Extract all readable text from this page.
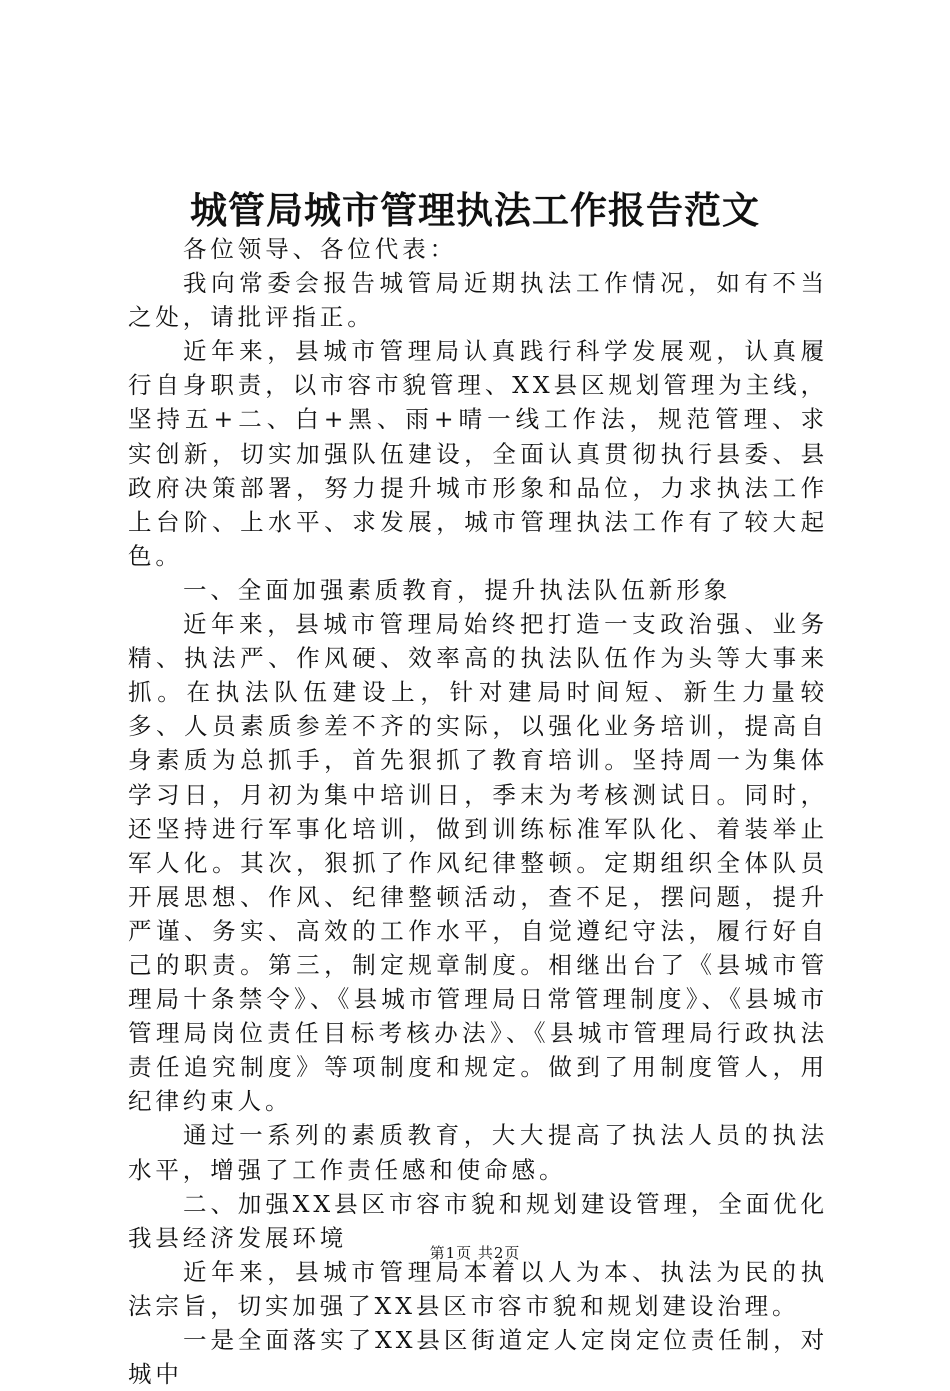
城管局城市管理执法工作报告范文

各位领导、各位代表：

我向常委会报告城管局近期执法工作情况，如有不当之处，请批评指正。

近年来，县城市管理局认真践行科学发展观，认真履行自身职责，以市容市貌管理、XX县区规划管理为主线，坚持五+二、白+黑、雨+晴一线工作法，规范管理、求实创新，切实加强队伍建设，全面认真贯彻执行县委、县政府决策部署，努力提升城市形象和品位，力求执法工作上台阶、上水平、求发展，城市管理执法工作有了较大起色。

一、全面加强素质教育，提升执法队伍新形象

近年来，县城市管理局始终把打造一支政治强、业务精、执法严、作风硬、效率高的执法队伍作为头等大事来抓。在执法队伍建设上，针对建局时间短、新生力量较多、人员素质参差不齐的实际，以强化业务培训，提高自身素质为总抓手，首先狠抓了教育培训。坚持周一为集体学习日，月初为集中培训日，季末为考核测试日。同时，还坚持进行军事化培训，做到训练标准军队化、着装举止军人化。其次，狠抓了作风纪律整顿。定期组织全体队员开展思想、作风、纪律整顿活动，查不足，摆问题，提升严谨、务实、高效的工作水平，自觉遵纪守法，履行好自己的职责。第三，制定规章制度。相继出台了《县城市管理局十条禁令》、《县城市管理局日常管理制度》、《县城市管理局岗位责任目标考核办法》、《县城市管理局行政执法责任追究制度》等项制度和规定。做到了用制度管人，用纪律约束人。

通过一系列的素质教育，大大提高了执法人员的执法水平，增强了工作责任感和使命感。

二、加强XX县区市容市貌和规划建设管理，全面优化我县经济发展环境

近年来，县城市管理局本着以人为本、执法为民的执法宗旨，切实加强了XX县区市容市貌和规划建设治理。

一是全面落实了XX县区街道定人定岗定位责任制，对城中

第1页 共2页
